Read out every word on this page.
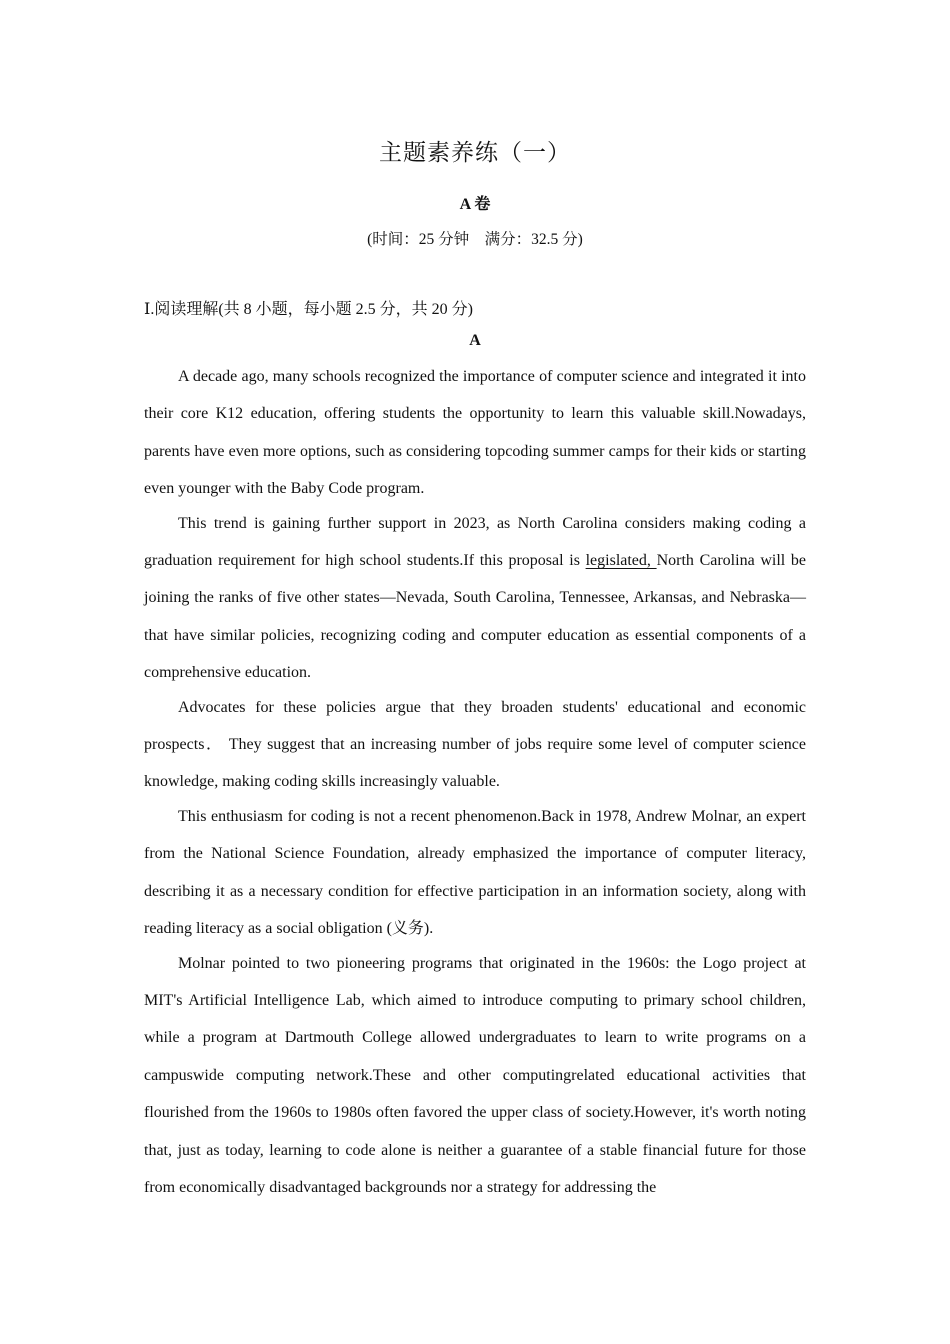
主题素养练（一）
A 卷
(时间：25 分钟　满分：32.5 分)
Ⅰ.阅读理解(共 8 小题，每小题 2.5 分，共 20 分)
A

A decade ago, many schools recognized the importance of computer science and integrated it into their core K12 education, offering students the opportunity to learn this valuable skill.Nowadays, parents have even more options, such as considering topcoding summer camps for their kids or starting even younger with the Baby Code program.

This trend is gaining further support in 2023, as North Carolina considers making coding a graduation requirement for high school students.If this proposal is legislated, North Carolina will be joining the ranks of five other states—Nevada, South Carolina, Tennessee, Arkansas, and Nebraska—that have similar policies, recognizing coding and computer education as essential components of a comprehensive education.

Advocates for these policies argue that they broaden students' educational and economic prospects． They suggest that an increasing number of jobs require some level of computer science knowledge, making coding skills increasingly valuable.

This enthusiasm for coding is not a recent phenomenon.Back in 1978, Andrew Molnar, an expert from the National Science Foundation, already emphasized the importance of computer literacy, describing it as a necessary condition for effective participation in an information society, along with reading literacy as a social obligation (义务).

Molnar pointed to two pioneering programs that originated in the 1960s: the Logo project at MIT's Artificial Intelligence Lab, which aimed to introduce computing to primary school children, while a program at Dartmouth College allowed undergraduates to learn to write programs on a campuswide computing network.These and other computingrelated educational activities that flourished from the 1960s to 1980s often favored the upper class of society.However, it's worth noting that, just as today, learning to code alone is neither a guarantee of a stable financial future for those from economically disadvantaged backgrounds nor a strategy for addressing the
